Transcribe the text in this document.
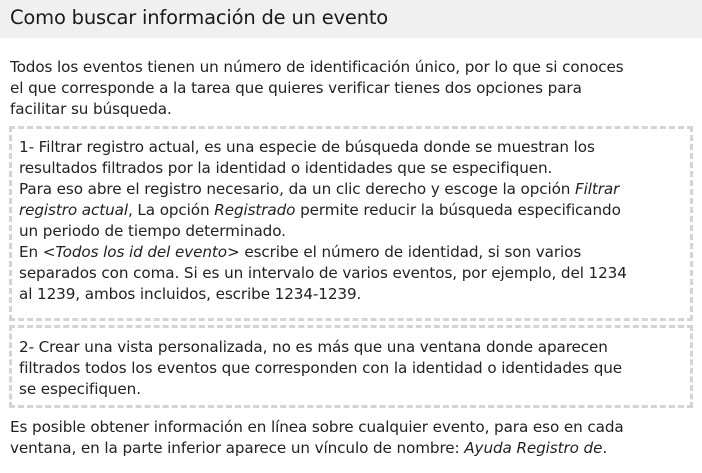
Como buscar información de un evento

Todos los eventos tienen un número de identificación único, por lo que si conoces
el que corresponde a la tarea que quieres verificar tienes dos opciones para
facilitar su búsqueda.

1- Filtrar registro actual, es una especie de búsqueda donde se muestran los
resultados filtrados por la identidad o identidades que se especifiquen.
Para eso abre el registro necesario, da un clic derecho y escoge la opción Filtrar
registro actual, La opción Registrado permite reducir la búsqueda especificando
un periodo de tiempo determinado.
En <Todos los id del evento> escribe el número de identidad, si son varios
separados con coma. Si es un intervalo de varios eventos, por ejemplo, del 1234
al 1239, ambos incluidos, escribe 1234-1239.

2- Crear una vista personalizada, no es más que una ventana donde aparecen
filtrados todos los eventos que corresponden con la identidad o identidades que
se especifiquen.

Es posible obtener información en línea sobre cualquier evento, para eso en cada
ventana, en la parte inferior aparece un vínculo de nombre: Ayuda Registro de.
